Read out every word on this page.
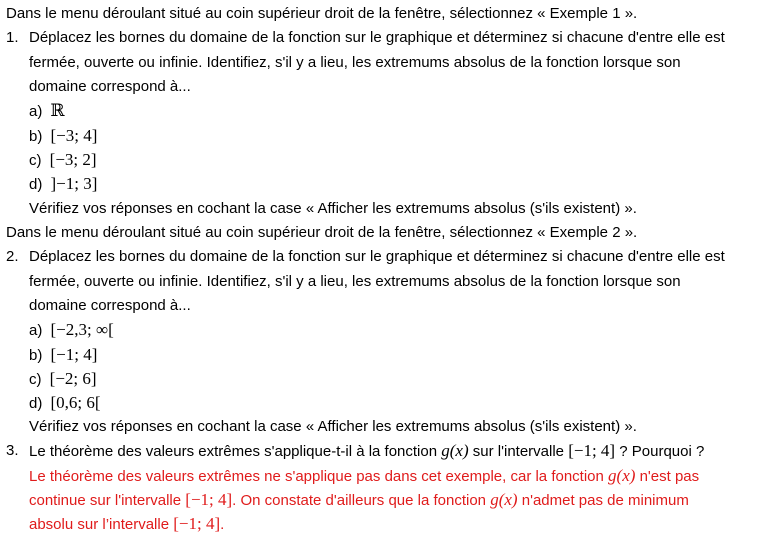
Dans le menu déroulant situé au coin supérieur droit de la fenêtre, sélectionnez « Exemple 1 ».
1. Déplacez les bornes du domaine de la fonction sur le graphique et déterminez si chacune d'entre elle est
fermée, ouverte ou infinie. Identifiez, s'il y a lieu, les extremums absolus de la fonction lorsque son
domaine correspond à...
a) ℝ
b) [−3; 4]
c) [−3; 2]
d) ]−1; 3]
Vérifiez vos réponses en cochant la case « Afficher les extremums absolus (s'ils existent) ».
Dans le menu déroulant situé au coin supérieur droit de la fenêtre, sélectionnez « Exemple 2 ».
2. Déplacez les bornes du domaine de la fonction sur le graphique et déterminez si chacune d'entre elle est
fermée, ouverte ou infinie. Identifiez, s'il y a lieu, les extremums absolus de la fonction lorsque son
domaine correspond à...
a) [−2,3; ∞[
b) [−1; 4]
c) [−2; 6]
d) [0,6; 6[
Vérifiez vos réponses en cochant la case « Afficher les extremums absolus (s'ils existent) ».
3. Le théorème des valeurs extrêmes s'applique-t-il à la fonction g(x) sur l'intervalle [−1; 4] ? Pourquoi ?
Le théorème des valeurs extrêmes ne s'applique pas dans cet exemple, car la fonction g(x) n'est pas
continue sur l'intervalle [−1; 4]. On constate d'ailleurs que la fonction g(x) n'admet pas de minimum
absolu sur l’intervalle [−1; 4].
